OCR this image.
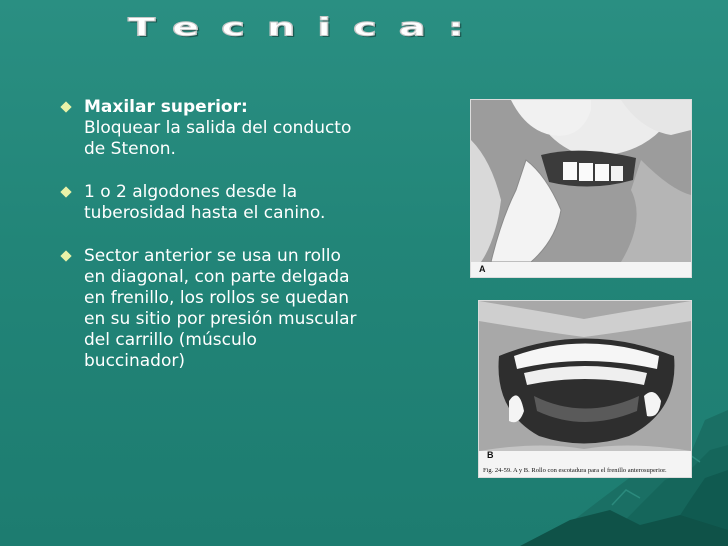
Tecnica:
Maxilar superior:
Bloquear la salida del conducto de Stenon.
1 o 2 algodones desde la tuberosidad hasta el canino.
Sector anterior se usa un rollo en diagonal, con parte delgada en frenillo, los rollos se quedan en su sitio por presión muscular del carrillo (músculo buccinador)
A
B
Fig. 24-59. A y B. Rollo con escotadura para el frenillo anterosuperior.
